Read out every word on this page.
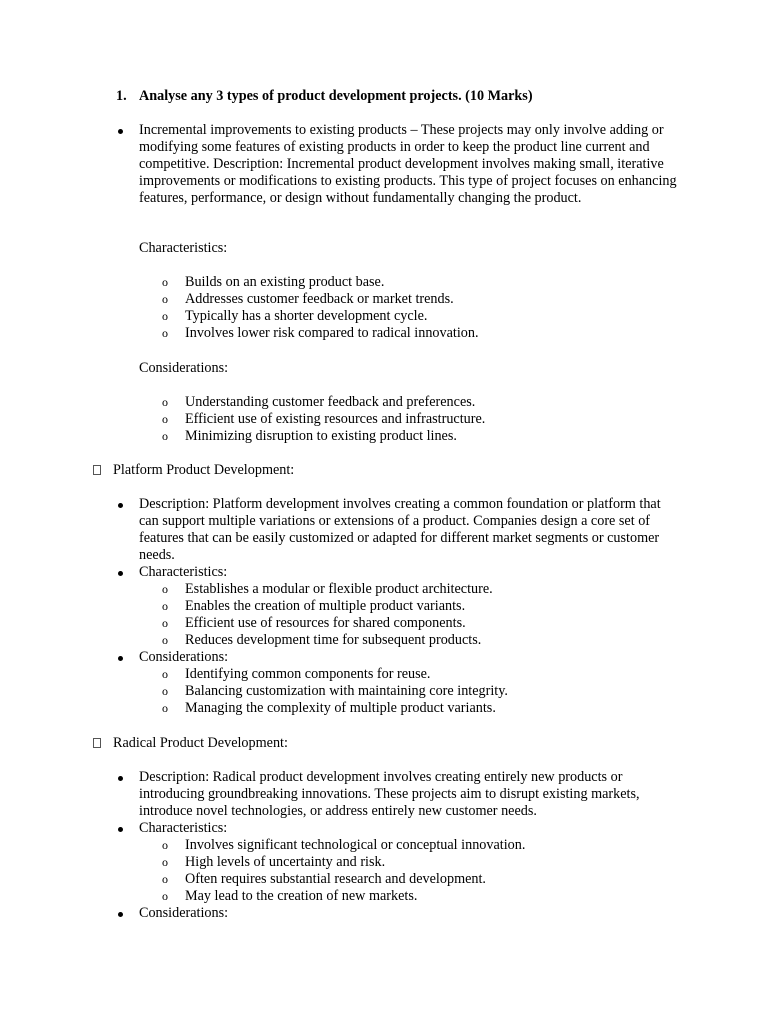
1. Analyse any 3 types of product development projects. (10 Marks)
Incremental improvements to existing products – These projects may only involve adding or modifying some features of existing products in order to keep the product line current and competitive. Description: Incremental product development involves making small, iterative improvements or modifications to existing products. This type of project focuses on enhancing features, performance, or design without fundamentally changing the product.
Characteristics:
o Builds on an existing product base.
o Addresses customer feedback or market trends.
o Typically has a shorter development cycle.
o Involves lower risk compared to radical innovation.
Considerations:
o Understanding customer feedback and preferences.
o Efficient use of existing resources and infrastructure.
o Minimizing disruption to existing product lines.
Platform Product Development:
Description: Platform development involves creating a common foundation or platform that can support multiple variations or extensions of a product. Companies design a core set of features that can be easily customized or adapted for different market segments or customer needs.
Characteristics:
o Establishes a modular or flexible product architecture.
o Enables the creation of multiple product variants.
o Efficient use of resources for shared components.
o Reduces development time for subsequent products.
Considerations:
o Identifying common components for reuse.
o Balancing customization with maintaining core integrity.
o Managing the complexity of multiple product variants.
Radical Product Development:
Description: Radical product development involves creating entirely new products or introducing groundbreaking innovations. These projects aim to disrupt existing markets, introduce novel technologies, or address entirely new customer needs.
Characteristics:
o Involves significant technological or conceptual innovation.
o High levels of uncertainty and risk.
o Often requires substantial research and development.
o May lead to the creation of new markets.
Considerations:
